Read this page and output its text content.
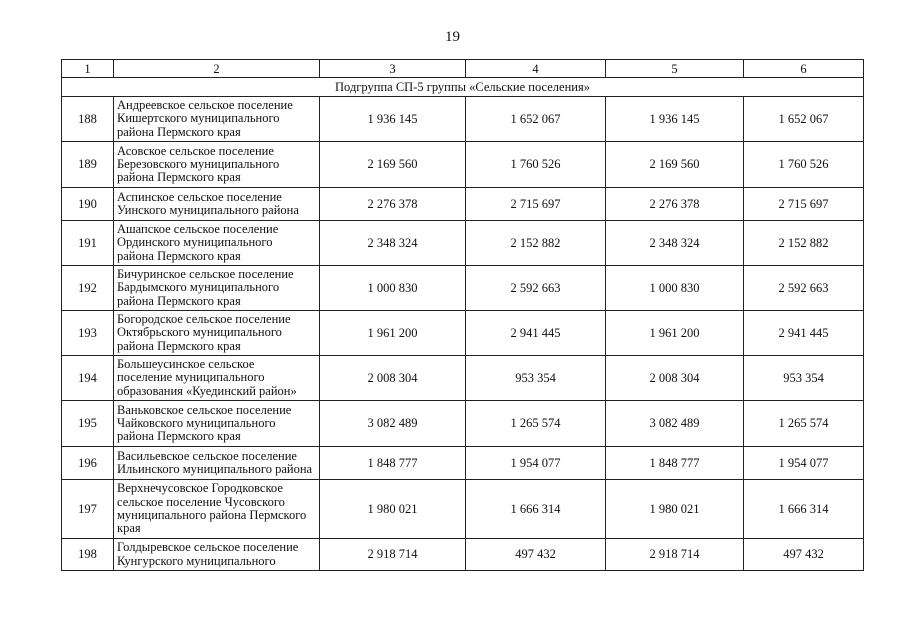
19
1	2	3	4	5	6
Подгруппа СП-5 группы «Сельские поселения»					
188	Андреевское сельское поселение
Кишертского муниципального
района Пермского края	1 936 145	1 652 067	1 936 145	1 652 067
189	Асовское сельское поселение
Березовского муниципального
района Пермского края	2 169 560	1 760 526	2 169 560	1 760 526
190	Аспинское сельское поселение
Уинского муниципального района	2 276 378	2 715 697	2 276 378	2 715 697
191	Ашапское сельское поселение
Ординского муниципального
района Пермского края	2 348 324	2 152 882	2 348 324	2 152 882
192	Бичуринское сельское поселение
Бардымского муниципального
района Пермского края	1 000 830	2 592 663	1 000 830	2 592 663
193	Богородское сельское поселение
Октябрьского муниципального
района Пермского края	1 961 200	2 941 445	1 961 200	2 941 445
194	Большеусинское сельское
поселение муниципального
образования «Куединский район»	2 008 304	953 354	2 008 304	953 354
195	Ваньковское сельское поселение
Чайковского муниципального
района Пермского края	3 082 489	1 265 574	3 082 489	1 265 574
196	Васильевское сельское поселение
Ильинского муниципального района	1 848 777	1 954 077	1 848 777	1 954 077
197	Верхнечусовское Городковское
сельское поселение Чусовского
муниципального района Пермского
края	1 980 021	1 666 314	1 980 021	1 666 314
198	Голдыревское сельское поселение
Кунгурского муниципального	2 918 714	497 432	2 918 714	497 432
